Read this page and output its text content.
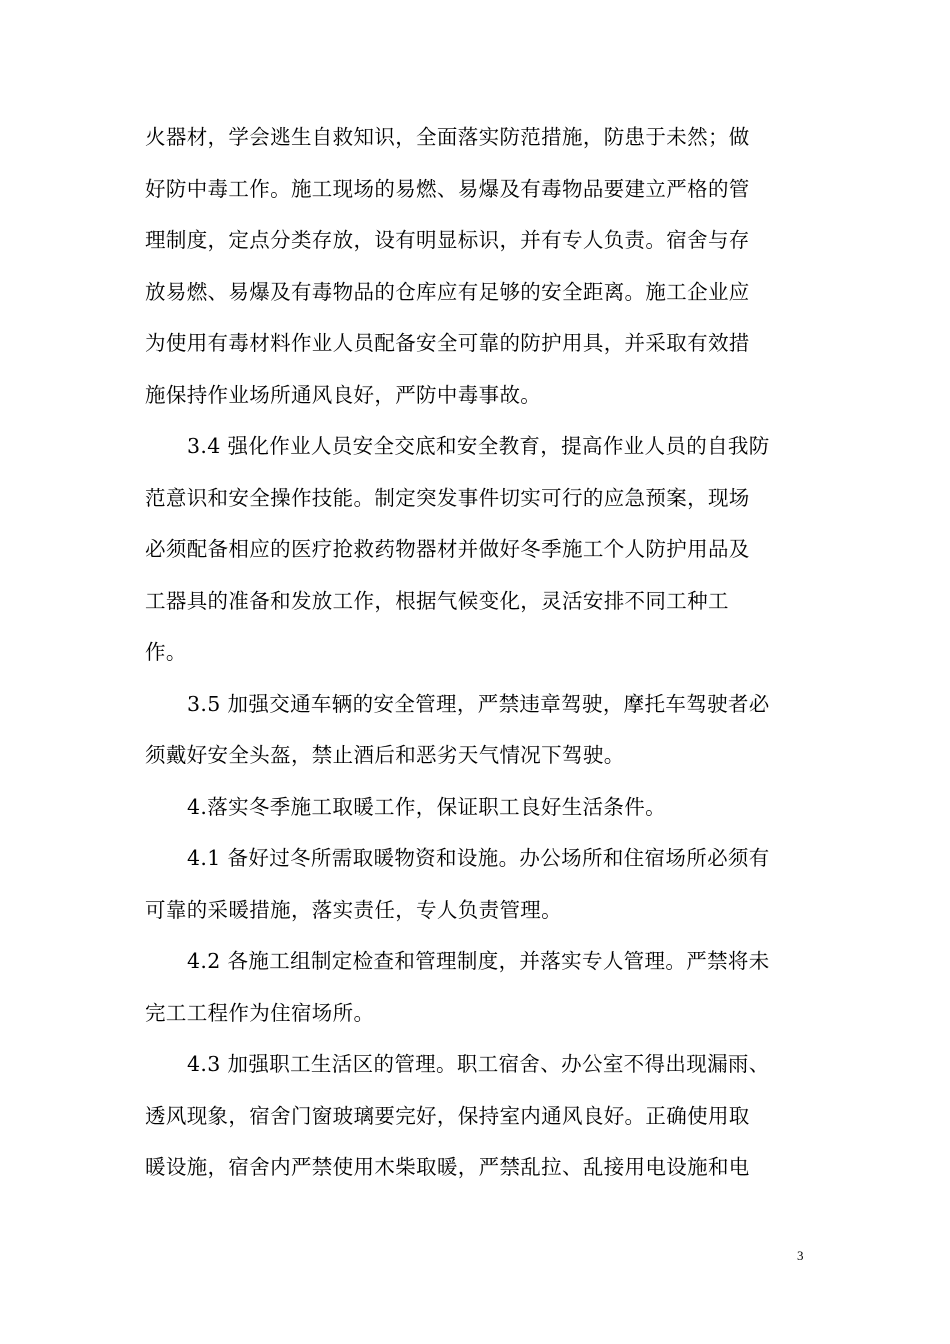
火器材，学会逃生自救知识，全面落实防范措施，防患于未然；做
好防中毒工作。施工现场的易燃、易爆及有毒物品要建立严格的管
理制度，定点分类存放，设有明显标识，并有专人负责。宿舍与存
放易燃、易爆及有毒物品的仓库应有足够的安全距离。施工企业应
为使用有毒材料作业人员配备安全可靠的防护用具，并采取有效措
施保持作业场所通风良好，严防中毒事故。
3.4 强化作业人员安全交底和安全教育，提高作业人员的自我防
范意识和安全操作技能。制定突发事件切实可行的应急预案，现场
必须配备相应的医疗抢救药物器材并做好冬季施工个人防护用品及
工器具的准备和发放工作，根据气候变化，灵活安排不同工种工
作。
3.5 加强交通车辆的安全管理，严禁违章驾驶，摩托车驾驶者必
须戴好安全头盔，禁止酒后和恶劣天气情况下驾驶。
4.落实冬季施工取暖工作，保证职工良好生活条件。
4.1 备好过冬所需取暖物资和设施。办公场所和住宿场所必须有
可靠的采暖措施，落实责任，专人负责管理。
4.2 各施工组制定检查和管理制度，并落实专人管理。严禁将未
完工工程作为住宿场所。
4.3 加强职工生活区的管理。职工宿舍、办公室不得出现漏雨、
透风现象，宿舍门窗玻璃要完好，保持室内通风良好。正确使用取
暖设施，宿舍内严禁使用木柴取暖，严禁乱拉、乱接用电设施和电
3
